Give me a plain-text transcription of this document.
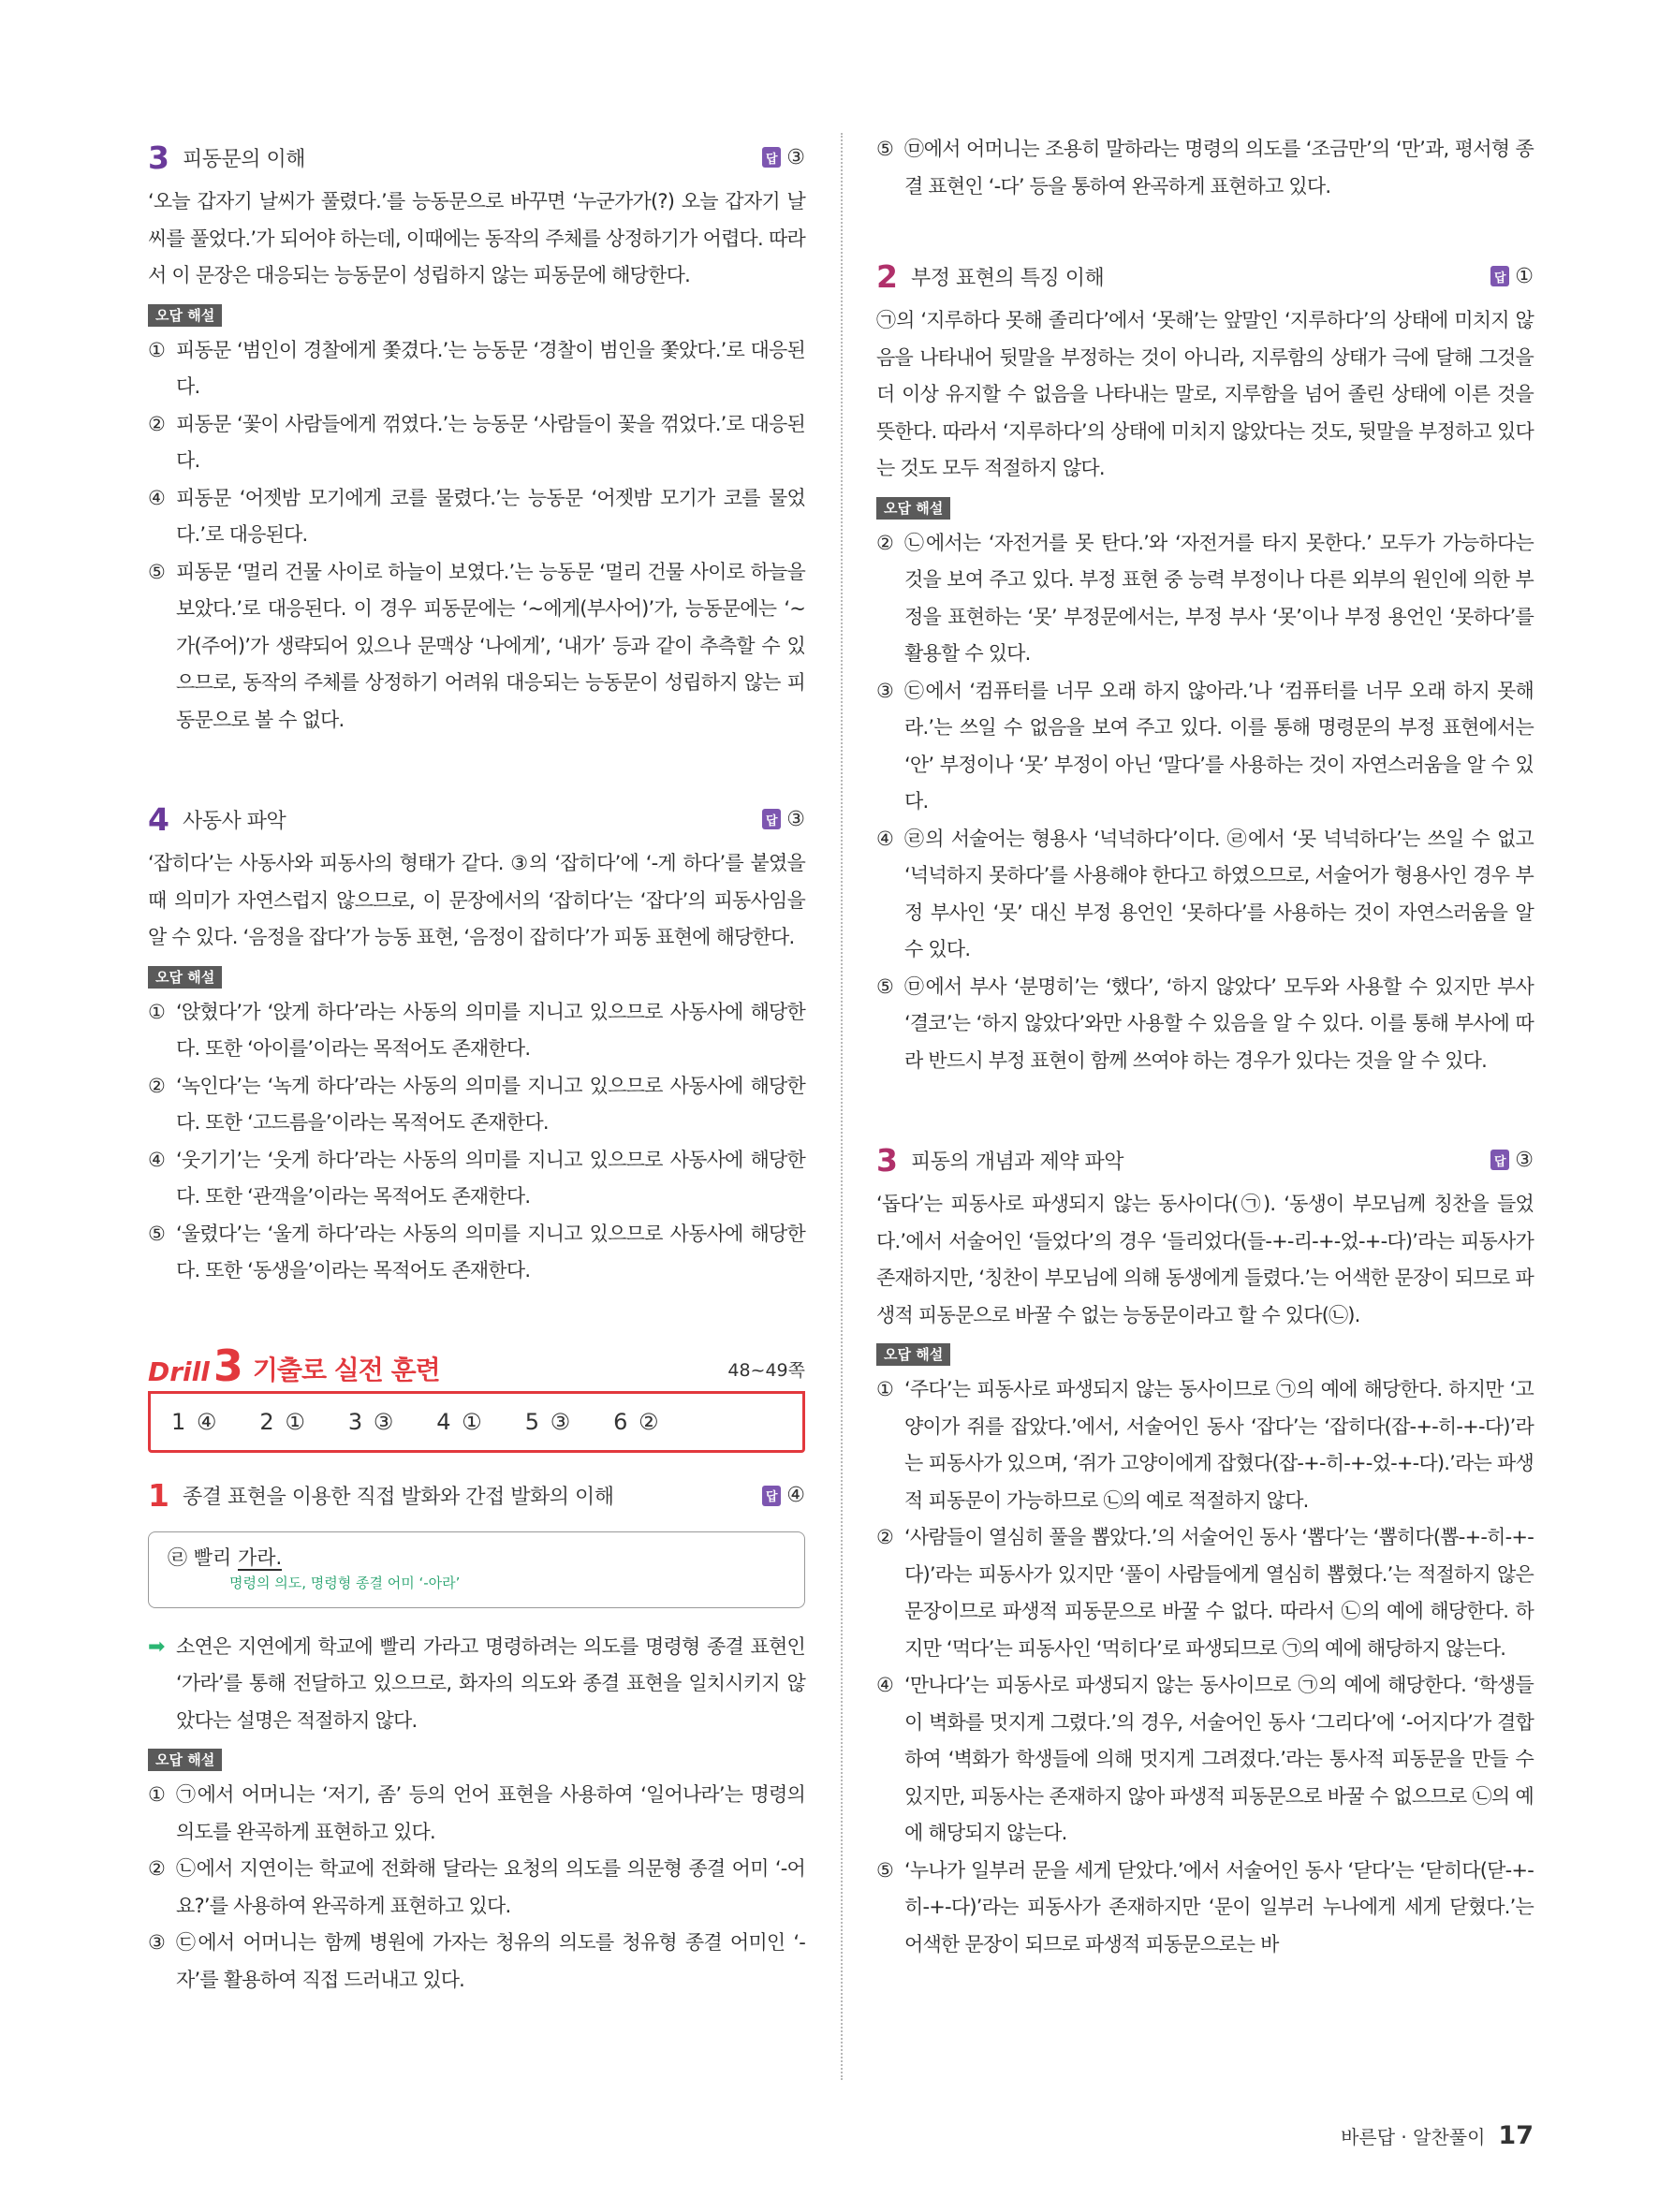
3 피동문의 이해	답 ③

‘오늘 갑자기 날씨가 풀렸다.’를 능동문으로 바꾸면 ‘누군가가(?) 오늘 갑자기 날씨를 풀었다.’가 되어야 하는데, 이때에는 동작의 주체를 상정하기가 어렵다. 따라서 이 문장은 대응되는 능동문이 성립하지 않는 피동문에 해당한다.

오답 해설
① 피동문 ‘범인이 경찰에게 쫓겼다.’는 능동문 ‘경찰이 범인을 쫓았다.’로 대응된다.
② 피동문 ‘꽃이 사람들에게 꺾였다.’는 능동문 ‘사람들이 꽃을 꺾었다.’로 대응된다.
④ 피동문 ‘어젯밤 모기에게 코를 물렸다.’는 능동문 ‘어젯밤 모기가 코를 물었다.’로 대응된다.
⑤ 피동문 ‘멀리 건물 사이로 하늘이 보였다.’는 능동문 ‘멀리 건물 사이로 하늘을 보았다.’로 대응된다. 이 경우 피동문에는 ‘~에게(부사어)’가, 능동문에는 ‘~가(주어)’가 생략되어 있으나 문맥상 ‘나에게’, ‘내가’ 등과 같이 추측할 수 있으므로, 동작의 주체를 상정하기 어려워 대응되는 능동문이 성립하지 않는 피동문으로 볼 수 없다.
4 사동사 파악	답 ③

‘잡히다’는 사동사와 피동사의 형태가 같다. ③의 ‘잡히다’에 ‘-게 하다’를 붙였을 때 의미가 자연스럽지 않으므로, 이 문장에서의 ‘잡히다’는 ‘잡다’의 피동사임을 알 수 있다. ‘음정을 잡다’가 능동 표현, ‘음정이 잡히다’가 피동 표현에 해당한다.

오답 해설
① ‘앉혔다’가 ‘앉게 하다’라는 사동의 의미를 지니고 있으므로 사동사에 해당한다. 또한 ‘아이를’이라는 목적어도 존재한다.
② ‘녹인다’는 ‘녹게 하다’라는 사동의 의미를 지니고 있으므로 사동사에 해당한다. 또한 ‘고드름을’이라는 목적어도 존재한다.
④ ‘웃기기’는 ‘웃게 하다’라는 사동의 의미를 지니고 있으므로 사동사에 해당한다. 또한 ‘관객을’이라는 목적어도 존재한다.
⑤ ‘울렸다’는 ‘울게 하다’라는 사동의 의미를 지니고 있으므로 사동사에 해당한다. 또한 ‘동생을’이라는 목적어도 존재한다.
Drill 3 기출로 실전 훈련	48~49쪽
1 ④ 2 ① 3 ③ 4 ① 5 ③ 6 ②
1 종결 표현을 이용한 직접 발화와 간접 발화의 이해	답 ④
㉣ 빨리 가라.
명령의 의도, 명령형 종결 어미 ‘-아라’
➡ 소연은 지연에게 학교에 빨리 가라고 명령하려는 의도를 명령형 종결 표현인 ‘가라’를 통해 전달하고 있으므로, 화자의 의도와 종결 표현을 일치시키지 않았다는 설명은 적절하지 않다.
오답 해설
① ㉠에서 어머니는 ‘저기, 좀’ 등의 언어 표현을 사용하여 ‘일어나라’는 명령의 의도를 완곡하게 표현하고 있다.
② ㉡에서 지연이는 학교에 전화해 달라는 요청의 의도를 의문형 종결 어미 ‘-어요?’를 사용하여 완곡하게 표현하고 있다.
③ ㉢에서 어머니는 함께 병원에 가자는 청유의 의도를 청유형 종결 어미인 ‘-자’를 활용하여 직접 드러내고 있다.
⑤ ㉤에서 어머니는 조용히 말하라는 명령의 의도를 ‘조금만’의 ‘만’과, 평서형 종결 표현인 ‘-다’ 등을 통하여 완곡하게 표현하고 있다.
2 부정 표현의 특징 이해	답 ①

㉠의 ‘지루하다 못해 졸리다’에서 ‘못해’는 앞말인 ‘지루하다’의 상태에 미치지 않음을 나타내어 뒷말을 부정하는 것이 아니라, 지루함의 상태가 극에 달해 그것을 더 이상 유지할 수 없음을 나타내는 말로, 지루함을 넘어 졸린 상태에 이른 것을 뜻한다. 따라서 ‘지루하다’의 상태에 미치지 않았다는 것도, 뒷말을 부정하고 있다는 것도 모두 적절하지 않다.

오답 해설
② ㉡에서는 ‘자전거를 못 탄다.’와 ‘자전거를 타지 못한다.’ 모두가 가능하다는 것을 보여 주고 있다. 부정 표현 중 능력 부정이나 다른 외부의 원인에 의한 부정을 표현하는 ‘못’ 부정문에서는, 부정 부사 ‘못’이나 부정 용언인 ‘못하다’를 활용할 수 있다.
③ ㉢에서 ‘컴퓨터를 너무 오래 하지 않아라.’나 ‘컴퓨터를 너무 오래 하지 못해라.’는 쓰일 수 없음을 보여 주고 있다. 이를 통해 명령문의 부정 표현에서는 ‘안’ 부정이나 ‘못’ 부정이 아닌 ‘말다’를 사용하는 것이 자연스러움을 알 수 있다.
④ ㉣의 서술어는 형용사 ‘넉넉하다’이다. ㉣에서 ‘못 넉넉하다’는 쓰일 수 없고 ‘넉넉하지 못하다’를 사용해야 한다고 하였으므로, 서술어가 형용사인 경우 부정 부사인 ‘못’ 대신 부정 용언인 ‘못하다’를 사용하는 것이 자연스러움을 알 수 있다.
⑤ ㉤에서 부사 ‘분명히’는 ‘했다’, ‘하지 않았다’ 모두와 사용할 수 있지만 부사 ‘결코’는 ‘하지 않았다’와만 사용할 수 있음을 알 수 있다. 이를 통해 부사에 따라 반드시 부정 표현이 함께 쓰여야 하는 경우가 있다는 것을 알 수 있다.
3 피동의 개념과 제약 파악	답 ③

‘돕다’는 피동사로 파생되지 않는 동사이다(㉠). ‘동생이 부모님께 칭찬을 들었다.’에서 서술어인 ‘들었다’의 경우 ‘들리었다(들-+-리-+-었-+-다)’라는 피동사가 존재하지만, ‘칭찬이 부모님에 의해 동생에게 들렸다.’는 어색한 문장이 되므로 파생적 피동문으로 바꿀 수 없는 능동문이라고 할 수 있다(㉡).

오답 해설
① ‘주다’는 피동사로 파생되지 않는 동사이므로 ㉠의 예에 해당한다. 하지만 ‘고양이가 쥐를 잡았다.’에서, 서술어인 동사 ‘잡다’는 ‘잡히다(잡-+-히-+-다)’라는 피동사가 있으며, ‘쥐가 고양이에게 잡혔다(잡-+-히-+-었-+-다).’라는 파생적 피동문이 가능하므로 ㉡의 예로 적절하지 않다.
② ‘사람들이 열심히 풀을 뽑았다.’의 서술어인 동사 ‘뽑다’는 ‘뽑히다(뽑-+-히-+-다)’라는 피동사가 있지만 ‘풀이 사람들에게 열심히 뽑혔다.’는 적절하지 않은 문장이므로 파생적 피동문으로 바꿀 수 없다. 따라서 ㉡의 예에 해당한다. 하지만 ‘먹다’는 피동사인 ‘먹히다’로 파생되므로 ㉠의 예에 해당하지 않는다.
④ ‘만나다’는 피동사로 파생되지 않는 동사이므로 ㉠의 예에 해당한다. ‘학생들이 벽화를 멋지게 그렸다.’의 경우, 서술어인 동사 ‘그리다’에 ‘-어지다’가 결합하여 ‘벽화가 학생들에 의해 멋지게 그려졌다.’라는 통사적 피동문을 만들 수 있지만, 피동사는 존재하지 않아 파생적 피동문으로 바꿀 수 없으므로 ㉡의 예에 해당되지 않는다.
⑤ ‘누나가 일부러 문을 세게 닫았다.’에서 서술어인 동사 ‘닫다’는 ‘닫히다(닫-+-히-+-다)’라는 피동사가 존재하지만 ‘문이 일부러 누나에게 세게 닫혔다.’는 어색한 문장이 되므로 파생적 피동문으로는 바
바른답 · 알찬풀이 17
